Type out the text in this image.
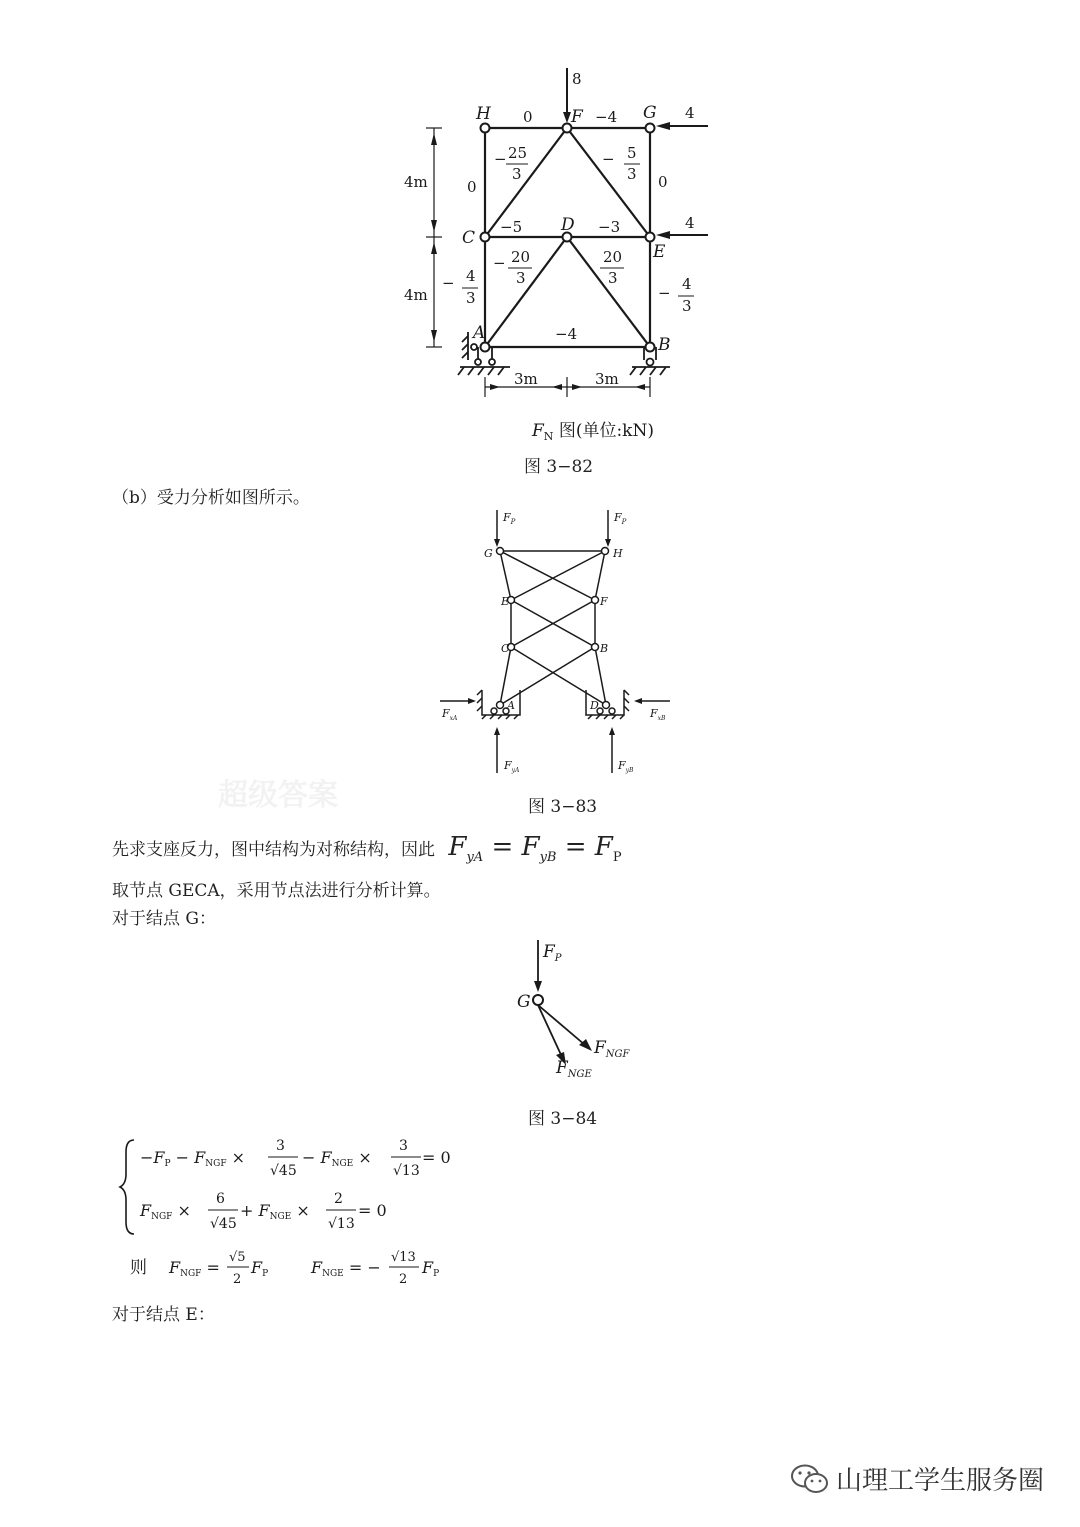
8
4
4
H	F	G
C
D
E
A
B
0	−4
0	0
− 25
3
− 5
3
−5	−3
− 4
3
− 20
3
20
3
− 4
3
−4
4m
4m
3m	3m
$F_N$ 图(单位:kN)
图 3−82
（b）受力分析如图所示。
$F_P$	$F_P$
G	H
E	F
C	B
A	D
$F_{xA}$	$F_{xB}$
$F_{yA}$	$F_{yB}$
超级答案	图 3−83
先求支座反力，图中结构为对称结构，因此 $F_{yA} = F_{yB} = F_P$
取节点 GECA，采用节点法进行分析计算。
对于结点 G：
$F_P$
G
$F_{NGF}$
$F_{NGE}$
图 3−84
−FP − FNGF ×
3
√45
− FNGE ×
3
√13
= 0
FNGF ×
6
√45
+ FNGE ×
2
√13
= 0
则 FNGF =
√5
2
FP	FNGE = −
√13
2
FP
对于结点 E：
山理工学生服务圈
